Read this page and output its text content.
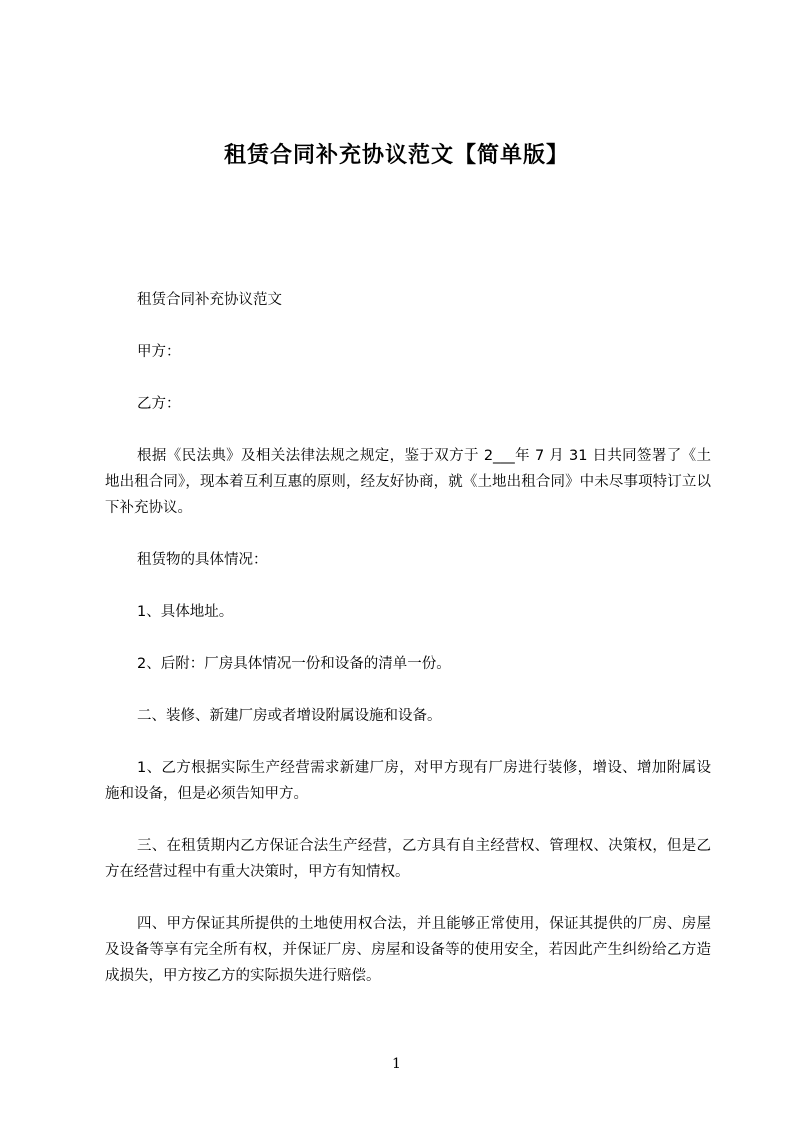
租赁合同补充协议范文【简单版】

租赁合同补充协议范文

甲方：

乙方：

根据《民法典》及相关法律法规之规定，鉴于双方于 2___年 7 月 31 日共同签署了《土地出租合同》，现本着互利互惠的原则，经友好协商，就《土地出租合同》中未尽事项特订立以下补充协议。

租赁物的具体情况：

1、具体地址。

2、后附：厂房具体情况一份和设备的清单一份。

二、装修、新建厂房或者增设附属设施和设备。

1、乙方根据实际生产经营需求新建厂房，对甲方现有厂房进行装修，增设、增加附属设施和设备，但是必须告知甲方。

三、在租赁期内乙方保证合法生产经营，乙方具有自主经营权、管理权、决策权，但是乙方在经营过程中有重大决策时，甲方有知情权。

四、甲方保证其所提供的土地使用权合法，并且能够正常使用，保证其提供的厂房、房屋及设备等享有完全所有权，并保证厂房、房屋和设备等的使用安全，若因此产生纠纷给乙方造成损失，甲方按乙方的实际损失进行赔偿。

1
